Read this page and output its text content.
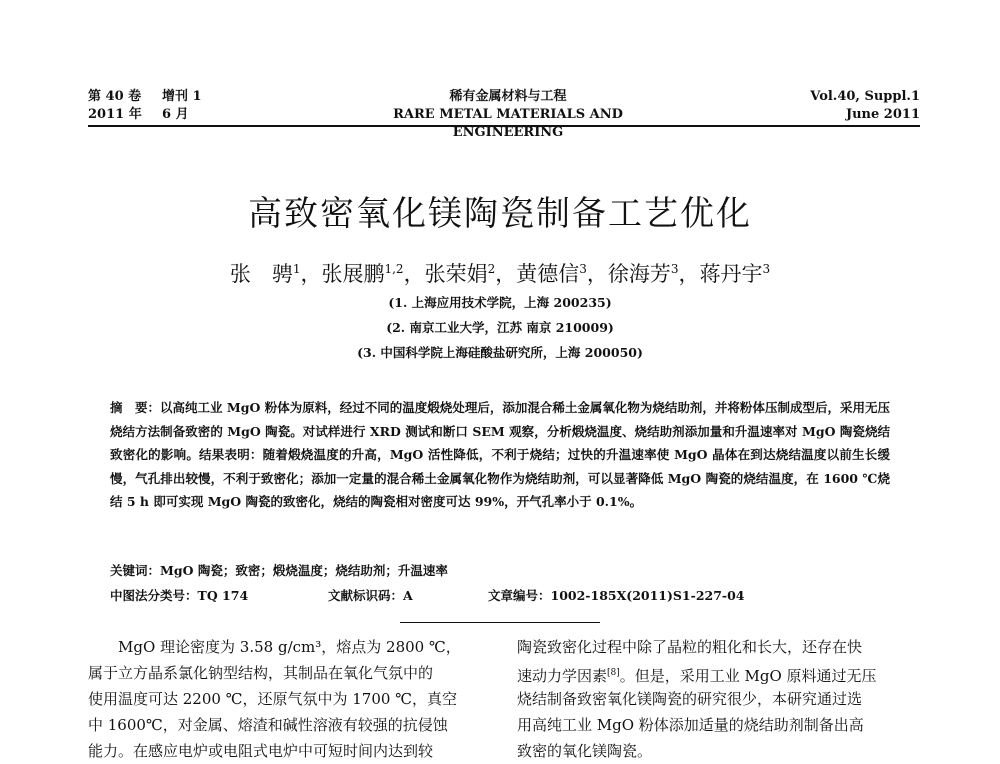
第 40 卷 增刊 1
2011 年 6 月
稀有金属材料与工程
RARE METAL MATERIALS AND ENGINEERING
Vol.40, Suppl.1
June 2011
高致密氧化镁陶瓷制备工艺优化
张　骋$^1$，张展鹏$^{1,2}$，张荣娟$^2$，黄德信$^3$，徐海芳$^3$，蒋丹宇$^3$
(1. 上海应用技术学院，上海 200235)
(2. 南京工业大学，江苏 南京 210009)
(3. 中国科学院上海硅酸盐研究所，上海 200050)
摘　要：以高纯工业 MgO 粉体为原料，经过不同的温度煅烧处理后，添加混合稀土金属氧化物为烧结助剂，并将粉体压制成型后，采用无压烧结方法制备致密的 MgO 陶瓷。对试样进行 XRD 测试和断口 SEM 观察，分析煅烧温度、烧结助剂添加量和升温速率对 MgO 陶瓷烧结致密化的影响。结果表明：随着煅烧温度的升高，MgO 活性降低，不利于烧结；过快的升温速率使 MgO 晶体在到达烧结温度以前生长缓慢，气孔排出较慢，不利于致密化；添加一定量的混合稀土金属氧化物作为烧结助剂，可以显著降低 MgO 陶瓷的烧结温度，在 1600 ℃烧结 5 h 即可实现 MgO 陶瓷的致密化，烧结的陶瓷相对密度可达 99%，开气孔率小于 0.1%。
关键词：MgO 陶瓷；致密；煅烧温度；烧结助剂；升温速率
中图法分类号：TQ 174	文献标识码：A	文章编号：1002-185X(2011)S1-227-04
　　MgO 理论密度为 3.58 g/cm³，熔点为 2800 ℃，
属于立方晶系氯化钠型结构，其制品在氧化气氛中的
使用温度可达 2200 ℃，还原气氛中为 1700 ℃，真空
中 1600℃，对金属、熔渣和碱性溶液有较强的抗侵蚀
能力。在感应电炉或电阻式电炉中可短时间内达到较
陶瓷致密化过程中除了晶粒的粗化和长大，还存在快
速动力学因素[8]。但是，采用工业 MgO 原料通过无压
烧结制备致密氧化镁陶瓷的研究很少，本研究通过选
用高纯工业 MgO 粉体添加适量的烧结助剂制备出高
致密的氧化镁陶瓷。
